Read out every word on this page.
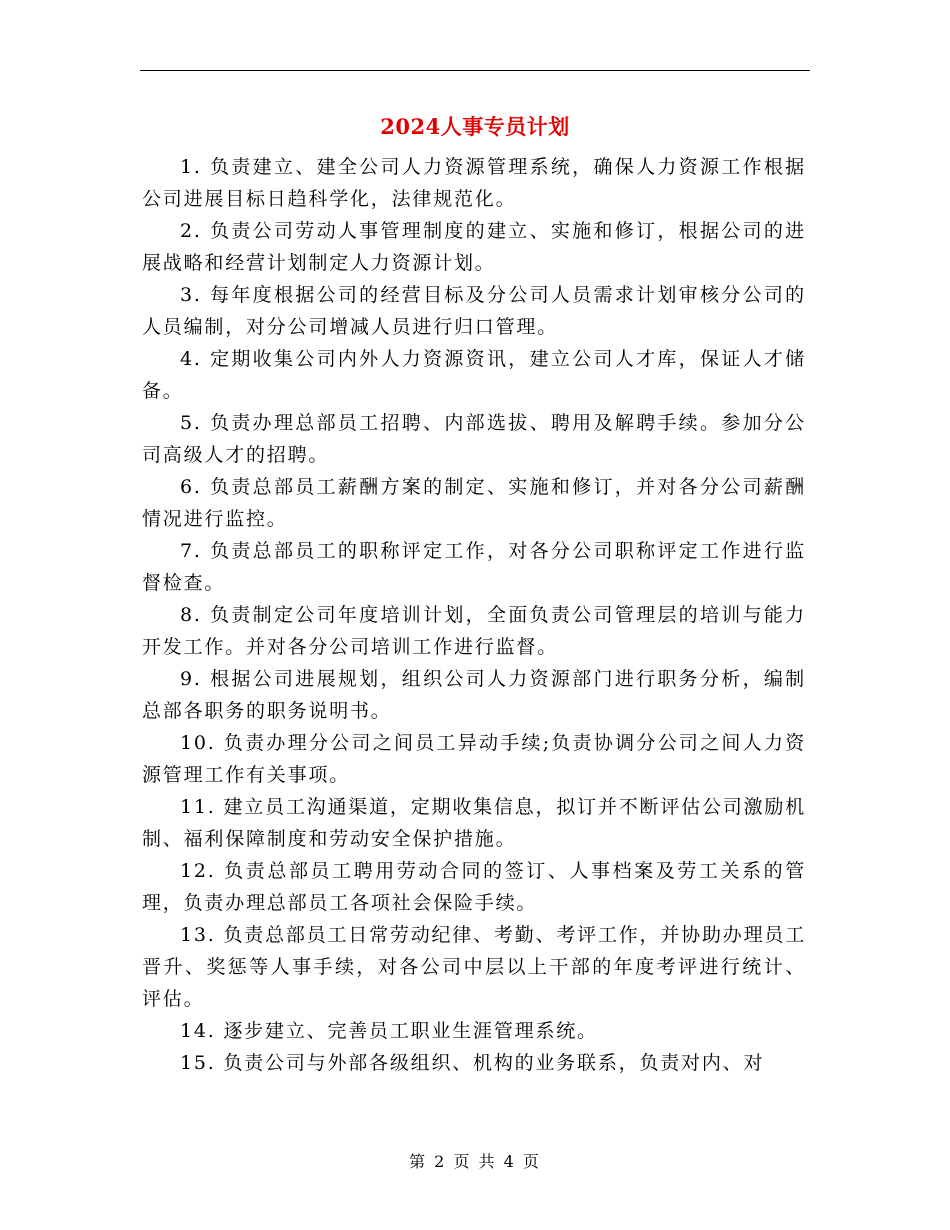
2024人事专员计划

1. 负责建立、建全公司人力资源管理系统，确保人力资源工作根据公司进展目标日趋科学化，法律规范化。

2. 负责公司劳动人事管理制度的建立、实施和修订，根据公司的进展战略和经营计划制定人力资源计划。

3. 每年度根据公司的经营目标及分公司人员需求计划审核分公司的人员编制，对分公司增减人员进行归口管理。

4. 定期收集公司内外人力资源资讯，建立公司人才库，保证人才储备。

5. 负责办理总部员工招聘、内部选拔、聘用及解聘手续。参加分公司高级人才的招聘。

6. 负责总部员工薪酬方案的制定、实施和修订，并对各分公司薪酬情况进行监控。

7. 负责总部员工的职称评定工作，对各分公司职称评定工作进行监督检查。

8. 负责制定公司年度培训计划，全面负责公司管理层的培训与能力开发工作。并对各分公司培训工作进行监督。

9. 根据公司进展规划，组织公司人力资源部门进行职务分析，编制总部各职务的职务说明书。

10. 负责办理分公司之间员工异动手续;负责协调分公司之间人力资源管理工作有关事项。

11. 建立员工沟通渠道，定期收集信息，拟订并不断评估公司激励机制、福利保障制度和劳动安全保护措施。

12. 负责总部员工聘用劳动合同的签订、人事档案及劳工关系的管理，负责办理总部员工各项社会保险手续。

13. 负责总部员工日常劳动纪律、考勤、考评工作，并协助办理员工晋升、奖惩等人事手续，对各公司中层以上干部的年度考评进行统计、评估。

14. 逐步建立、完善员工职业生涯管理系统。

15. 负责公司与外部各级组织、机构的业务联系，负责对内、对

第 2 页 共 4 页
